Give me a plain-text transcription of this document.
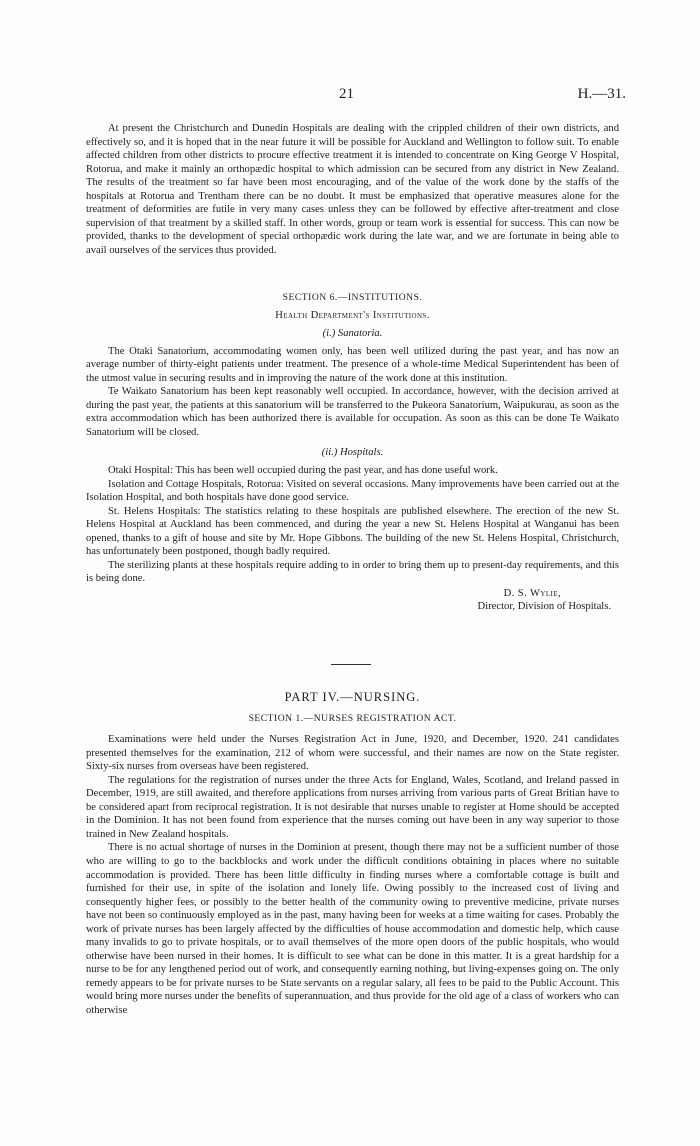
21	H.—31.

At present the Christchurch and Dunedin Hospitals are dealing with the crippled children of their own districts, and effectively so, and it is hoped that in the near future it will be possible for Auckland and Wellington to follow suit. To enable affected children from other districts to procure effective treatment it is intended to concentrate on King George V Hospital, Rotorua, and make it mainly an orthopædic hospital to which admission can be secured from any district in New Zealand. The results of the treatment so far have been most encouraging, and of the value of the work done by the staffs of the hospitals at Rotorua and Trentham there can be no doubt. It must be emphasized that operative measures alone for the treatment of deformities are futile in very many cases unless they can be followed by effective after-treatment and close supervision of that treatment by a skilled staff. In other words, group or team work is essential for success. This can now be provided, thanks to the development of special orthopædic work during the late war, and we are fortunate in being able to avail ourselves of the services thus provided.

SECTION 6.—INSTITUTIONS.

Health Department's Institutions.

(i.) Sanatoria.

The Otaki Sanatorium, accommodating women only, has been well utilized during the past year, and has now an average number of thirty-eight patients under treatment. The presence of a whole-time Medical Superintendent has been of the utmost value in securing results and in improving the nature of the work done at this institution.

Te Waikato Sanatorium has been kept reasonably well occupied. In accordance, however, with the decision arrived at during the past year, the patients at this sanatorium will be transferred to the Pukeora Sanatorium, Waipukurau, as soon as the extra accommodation which has been authorized there is available for occupation. As soon as this can be done Te Waikato Sanatorium will be closed.

(ii.) Hospitals.

Otaki Hospital: This has been well occupied during the past year, and has done useful work.

Isolation and Cottage Hospitals, Rotorua: Visited on several occasions. Many improvements have been carried out at the Isolation Hospital, and both hospitals have done good service.

St. Helens Hospitals: The statistics relating to these hospitals are published elsewhere. The erection of the new St. Helens Hospital at Auckland has been commenced, and during the year a new St. Helens Hospital at Wanganui has been opened, thanks to a gift of house and site by Mr. Hope Gibbons. The building of the new St. Helens Hospital, Christchurch, has unfortunately been postponed, though badly required.

The sterilizing plants at these hospitals require adding to in order to bring them up to present-day requirements, and this is being done.

D. S. Wylie,

Director, Division of Hospitals.

PART IV.—NURSING.

SECTION 1.—NURSES REGISTRATION ACT.

Examinations were held under the Nurses Registration Act in June, 1920, and December, 1920. 241 candidates presented themselves for the examination, 212 of whom were successful, and their names are now on the State register. Sixty-six nurses from overseas have been registered.

The regulations for the registration of nurses under the three Acts for England, Wales, Scotland, and Ireland passed in December, 1919, are still awaited, and therefore applications from nurses arriving from various parts of Great Britian have to be considered apart from reciprocal registration. It is not desirable that nurses unable to register at Home should be accepted in the Dominion. It has not been found from experience that the nurses coming out have been in any way superior to those trained in New Zealand hospitals.

There is no actual shortage of nurses in the Dominion at present, though there may not be a sufficient number of those who are willing to go to the backblocks and work under the difficult conditions obtaining in places where no suitable accommodation is provided. There has been little difficulty in finding nurses where a comfortable cottage is built and furnished for their use, in spite of the isolation and lonely life. Owing possibly to the increased cost of living and consequently higher fees, or possibly to the better health of the community owing to preventive medicine, private nurses have not been so continuously employed as in the past, many having been for weeks at a time waiting for cases. Probably the work of private nurses has been largely affected by the difficulties of house accommodation and domestic help, which cause many invalids to go to private hospitals, or to avail themselves of the more open doors of the public hospitals, who would otherwise have been nursed in their homes. It is difficult to see what can be done in this matter. It is a great hardship for a nurse to be for any lengthened period out of work, and consequently earning nothing, but living-expenses going on. The only remedy appears to be for private nurses to be State servants on a regular salary, all fees to be paid to the Public Account. This would bring more nurses under the benefits of superannuation, and thus provide for the old age of a class of workers who can otherwise
